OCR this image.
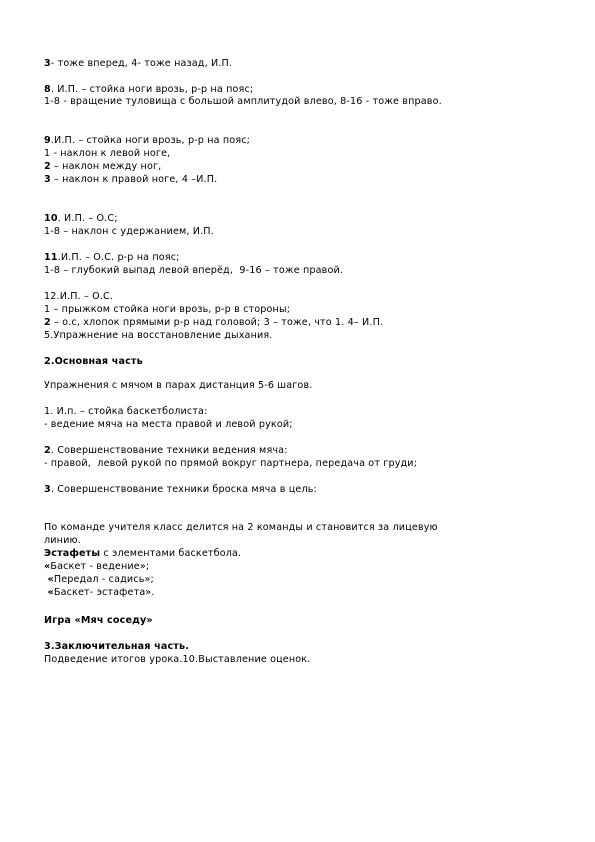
3- тоже вперед, 4- тоже назад, И.П.
8. И.П. – стойка ноги врозь, р-р на пояс;
1-8 - вращение туловища с большой амплитудой влево, 8-16 - тоже вправо.
9.И.П. – стойка ноги врозь, р-р на пояс;
1 - наклон к левой ноге,
2 – наклон между ног,
3 – наклон к правой ноге, 4 –И.П.
10. И.П. – О.С;
1-8 – наклон с удержанием, И.П.
11.И.П. – О.С. р-р на пояс;
1-8 – глубокий выпад левой вперёд,  9-16 – тоже правой.
12.И.П. – О.С.
1 – прыжком стойка ноги врозь, р-р в стороны;
2 – о.с, хлопок прямыми р-р над головой; 3 – тоже, что 1. 4– И.П.
5.Упражнение на восстановление дыхания.
2.Основная часть
Упражнения с мячом в парах дистанция 5-6 шагов.
1. И.п. – стойка баскетболиста:
- ведение мяча на места правой и левой рукой;
2. Совершенствование техники ведения мяча:
- правой,  левой рукой по прямой вокруг партнера, передача от груди;
3. Совершенствование техники броска мяча в цель:
По команде учителя класс делится на 2 команды и становится за лицевую
линию.
Эстафеты с элементами баскетбола.
«Баскет - ведение»;
«Передал - садись»;
«Баскет- эстафета».
Игра «Мяч соседу»
3.Заключительная часть.
Подведение итогов урока.10.Выставление оценок.
